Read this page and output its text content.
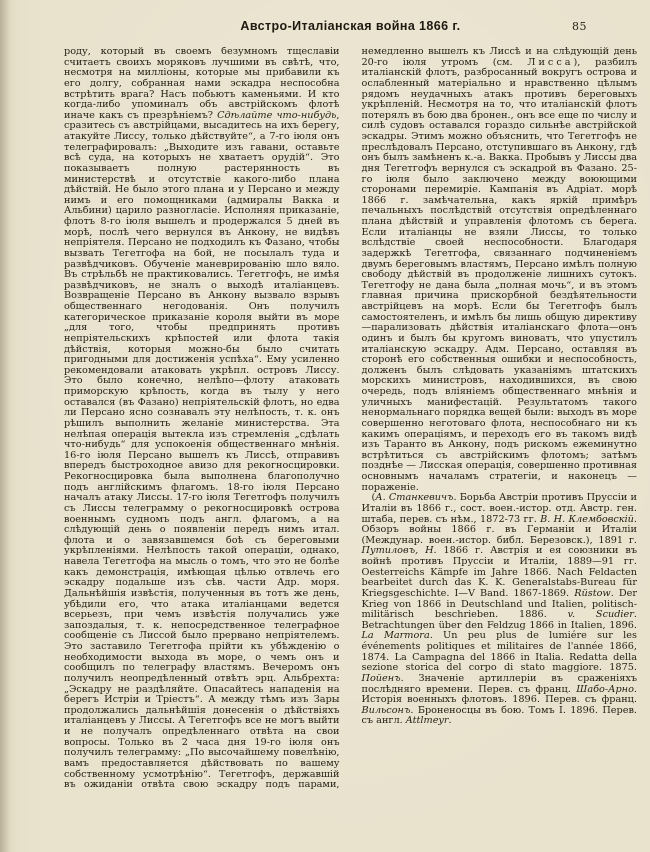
Австро-Италіанская война 1866 г.	85

роду, который въ своемъ безумномъ тщеславіи считаетъ своихъ моряковъ лучшими въ свѣтѣ, что, несмотря на милліоны, которые мы прибавили къ его долгу, собранная нами эскадра неспособна встрѣтить врага? Насъ побьютъ каменьями. И кто когда-либо упоминалъ объ австрійскомъ флотѣ иначе какъ съ презрѣніемъ? Сдѣлайте что-нибудь, сразитесь съ австрійцами, высадитесь на ихъ берегу, атакуйте Лиссу, только дѣйствуйте“, а 7-го іюля онъ телеграфировалъ: „Выходите изъ гавани, оставьте всѣ суда, на которыхъ не хватаетъ орудій“. Это показываетъ полную растерянность въ министерствѣ и отсутствіе какого-либо плана дѣйствій. Не было этого плана и у Персано и между нимъ и его помощниками (адмиралы Вакка и Альбини) царило разногласіе. Исполняя приказаніе, флотъ 8-го іюля вышелъ и продержался 5 дней въ морѣ, послѣ чего вернулся въ Анкону, не видѣвъ непріятеля. Персано не подходилъ къ Фазано, чтобы вызвать Тегетгофа на бой, не посылалъ туда и развѣдчиковъ. Обученіе маневрированію шло вяло. Въ стрѣльбѣ не практиковались. Тегетгофъ, не имѣя развѣдчиковъ, не зналъ о выходѣ италіанцевъ. Возвращеніе Персано въ Анкону вызвало взрывъ общественнаго негодованія. Онъ получилъ категорическое приказаніе короля выйти въ море „для того, чтобы предпринять противъ непріятельскихъ крѣпостей или флота такія дѣйствія, которыя можно-бы было считать пригодными для достиженія успѣха“. Ему усиленно рекомендовали атаковать укрѣпл. островъ Лиссу. Это было конечно, нелѣпо—флоту атаковать приморскую крѣпость, когда въ тылу у него оставался (въ Фазано) непріятельскій флотъ, но едва ли Персано ясно сознавалъ эту нелѣпость, т. к. онъ рѣшилъ выполнить желаніе министерства. Эта нелѣпая операція вытекла изъ стремленія „сдѣлать что-нибудь“ для успокоенія общественнаго мнѣнія. 16-го іюля Персано вышелъ къ Лиссѣ, отправивъ впередъ быстроходное авизо для рекогносцировки. Рекогносцировка была выполнена благополучно подъ англійскимъ флагомъ. 18-го іюля Персано началъ атаку Лиссы. 17-го іюля Тегетгофъ получилъ съ Лиссы телеграмму о рекогносцировкѣ острова военнымъ судномъ подъ англ. флагомъ, а на слѣдующій день о появленіи передъ нимъ итал. флота и о завязавшемся боѣ съ береговыми укрѣпленіями. Нелѣпость такой операціи, однако, навела Тегетгофа на мысль о томъ, что это не болѣе какъ демонстрація, имѣющая цѣлью отвлечь его эскадру подальше изъ сѣв. части Адр. моря. Дальнѣйшія извѣстія, полученныя въ тотъ же день, убѣдили его, что атака италіанцами ведется всерьезъ, при чемъ извѣстія получались уже запоздалыя, т. к. непосредственное телеграфное сообщеніе съ Лиссой было прервано непріятелемъ. Это заставило Тегетгофа прійти къ убѣжденію о необходимости выхода въ море, о чемъ онъ и сообщилъ по телеграфу властямъ. Вечеромъ онъ получилъ неопредѣленный отвѣтъ эрц. Альбрехта: „Эскадру не раздѣляйте. Опасайтесь нападенія на берегъ Истріи и Тріестъ“. А между тѣмъ изъ Зары продолжались дальнѣйшія донесенія о дѣйствіяхъ италіанцевъ у Лиссы. А Тегетгофъ все не могъ выйти и не получалъ опредѣленнаго отвѣта на свои вопросы. Только въ 2 часа дня 19-го іюля онъ получилъ телеграмму: „По высочайшему повелѣнію, вамъ предоставляется дѣйствовать по вашему собственному усмотрѣнію“. Тегетгофъ, державшій въ ожиданіи отвѣта свою эскадру подъ парами, немедленно вышелъ къ Лиссѣ и на слѣдующій день 20-го іюля утромъ (см. Лисса), разбилъ италіанскій флотъ, разбросанный вокругъ острова и ослабленный матеріально и нравственно цѣлымъ рядомъ неудачныхъ атакъ противъ береговыхъ укрѣпленій. Несмотря на то, что италіанскій флотъ потерялъ въ бою два бронен., онъ все еще по числу и силѣ судовъ оставался гораздо сильнѣе австрійской эскадры. Этимъ можно объяснить, что Тегетгофъ не преслѣдовалъ Персано, отступившаго въ Анкону, гдѣ онъ былъ замѣненъ к.-а. Вакка. Пробывъ у Лиссы два дня Тегетгофъ вернулся съ эскадрой въ Фазано. 25-го іюля было заключено между воюющими сторонами перемиріе. Кампанія въ Адріат. морѣ 1866 г. замѣчательна, какъ яркій примѣръ печальныхъ послѣдствій отсутствія опредѣленнаго плана дѣйствій и управленія флотомъ съ берега. Если италіанцы не взяли Лиссы, то только вслѣдствіе своей неспособности. Благодаря задержкѣ Тегетгофа, связаннаго подчиненіемъ двумъ береговымъ властямъ, Персано имѣлъ полную свободу дѣйствій въ продолженіе лишнихъ сутокъ. Тегетгофу не дана была „полная мочь“, и въ этомъ главная причина прискорбной бездѣятельности австрійцевъ на морѣ. Если бы Тегетгофъ былъ самостоятеленъ, и имѣлъ бы лишь общую директиву—парализовать дѣйствія италіанскаго флота—онъ одинъ и былъ бы кругомъ виноватъ, что упустилъ италіанскую эскадру. Адм. Персано, оставляя въ сторонѣ его собственныя ошибки и неспособность, долженъ былъ слѣдовать указаніямъ штатскихъ морскихъ министровъ, находившихся, въ свою очередь, подъ вліяніемъ общественнаго мнѣнія и уличныхъ манифестацій. Результатомъ такого ненормальнаго порядка вещей были: выходъ въ море совершенно неготоваго флота, неспособнаго ни къ какимъ операціямъ, и переходъ его въ такомъ видѣ изъ Таранто въ Анкону, подъ рискомъ ежеминутно встрѣтиться съ австрійскимъ флотомъ; затѣмъ позднѣе — Лисская операція, совершенно противная основнымъ началамъ стратегіи, и наконецъ — пораженіе.

(А. Станкевичъ. Борьба Австріи противъ Пруссіи и Италіи въ 1866 г., сост. воен.-истор. отд. Австр. ген. штаба, перев. съ нѣм., 1872-73 гг. В. Н. Клембовскій. Обзоръ войны 1866 г. въ Германіи и Италіи (Междунар. воен.-истор. библ. Березовск.), 1891 г. Путиловъ, Н. 1866 г. Австрія и ея союзники въ войнѣ противъ Пруссіи и Италіи, 1889—91 гг. Oesterreichs Kämpfe im Jahre 1866. Nach Feldacten bearbeitet durch das K. K. Generalstabs-Bureau für Kriegsgeschichte. I—V Band. 1867-1869. Rüstow. Der Krieg von 1866 in Deutschland und Italien, politisch-militärisch beschrieben. 1886. v. Scudier. Betrachtungen über den Feldzug 1866 in Italien, 1896. La Marmora. Un peu plus de lumiére sur les événements politiques et militaires de l'année 1866, 1874. La Campagna del 1866 in Italia. Redatta della sezione storica del corpo di stato maggiore. 1875. Пойенъ. Значеніе артиллеріи въ сраженіяхъ послѣдняго времени. Перев. съ франц. Шабо-Арно. Исторія военныхъ флотовъ. 1896. Перев. съ франц. Вильсонъ. Броненосцы въ бою. Томъ I. 1896. Перев. съ англ. Attlmeyr.
